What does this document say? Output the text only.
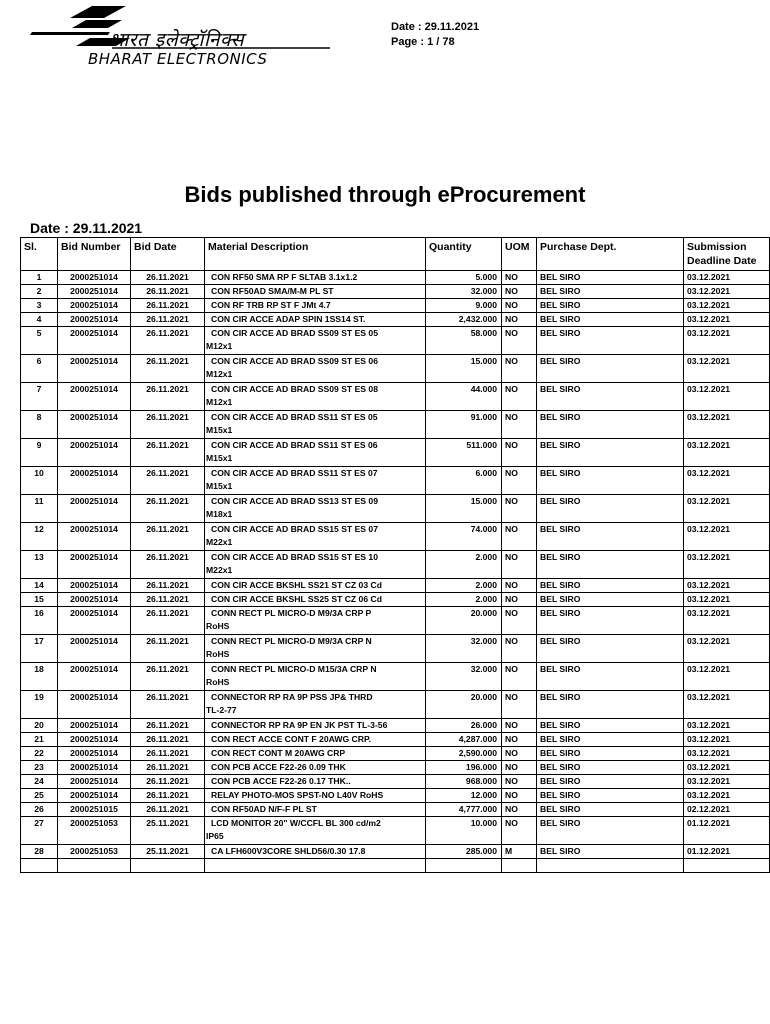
भारत इलेक्ट्रॉनिक्स
BHARAT ELECTRONICS
Date : 29.11.2021
Page : 1 / 78
Bids published through eProcurement
Date : 29.11.2021
Sl.	Bid Number	Bid Date	Material Description	Quantity	UOM	Purchase Dept.	Submission Deadline Date
1	2000251014	26.11.2021	CON RF50 SMA RP F SLTAB 3.1x1.2	5.000	NO	BEL SIRO	03.12.2021
2	2000251014	26.11.2021	CON RF50AD SMA/M-M PL ST	32.000	NO	BEL SIRO	03.12.2021
3	2000251014	26.11.2021	CON RF TRB RP ST F JMt 4.7	9.000	NO	BEL SIRO	03.12.2021
4	2000251014	26.11.2021	CON CIR ACCE ADAP SPIN 1SS14 ST.	2,432.000	NO	BEL SIRO	03.12.2021
5	2000251014	26.11.2021	CON CIR ACCE AD BRAD SS09 ST ES 05
M12x1	58.000	NO	BEL SIRO	03.12.2021
6	2000251014	26.11.2021	CON CIR ACCE AD BRAD SS09 ST ES 06
M12x1	15.000	NO	BEL SIRO	03.12.2021
7	2000251014	26.11.2021	CON CIR ACCE AD BRAD SS09 ST ES 08
M12x1	44.000	NO	BEL SIRO	03.12.2021
8	2000251014	26.11.2021	CON CIR ACCE AD BRAD SS11 ST ES 05
M15x1	91.000	NO	BEL SIRO	03.12.2021
9	2000251014	26.11.2021	CON CIR ACCE AD BRAD SS11 ST ES 06
M15x1	511.000	NO	BEL SIRO	03.12.2021
10	2000251014	26.11.2021	CON CIR ACCE AD BRAD SS11 ST ES 07
M15x1	6.000	NO	BEL SIRO	03.12.2021
11	2000251014	26.11.2021	CON CIR ACCE AD BRAD SS13 ST ES 09
M18x1	15.000	NO	BEL SIRO	03.12.2021
12	2000251014	26.11.2021	CON CIR ACCE AD BRAD SS15 ST ES 07
M22x1	74.000	NO	BEL SIRO	03.12.2021
13	2000251014	26.11.2021	CON CIR ACCE AD BRAD SS15 ST ES 10
M22x1	2.000	NO	BEL SIRO	03.12.2021
14	2000251014	26.11.2021	CON CIR ACCE BKSHL SS21 ST CZ 03 Cd	2.000	NO	BEL SIRO	03.12.2021
15	2000251014	26.11.2021	CON CIR ACCE BKSHL SS25 ST CZ 06 Cd	2.000	NO	BEL SIRO	03.12.2021
16	2000251014	26.11.2021	CONN RECT PL MICRO-D M9/3A CRP P
RoHS	20.000	NO	BEL SIRO	03.12.2021
17	2000251014	26.11.2021	CONN RECT PL MICRO-D M9/3A CRP N
RoHS	32.000	NO	BEL SIRO	03.12.2021
18	2000251014	26.11.2021	CONN RECT PL MICRO-D M15/3A CRP N
RoHS	32.000	NO	BEL SIRO	03.12.2021
19	2000251014	26.11.2021	CONNECTOR RP RA 9P PSS JP& THRD
TL-2-77	20.000	NO	BEL SIRO	03.12.2021
20	2000251014	26.11.2021	CONNECTOR RP RA 9P EN JK PST TL-3-56	26.000	NO	BEL SIRO	03.12.2021
21	2000251014	26.11.2021	CON RECT ACCE CONT F 20AWG CRP.	4,287.000	NO	BEL SIRO	03.12.2021
22	2000251014	26.11.2021	CON RECT CONT M 20AWG CRP	2,590.000	NO	BEL SIRO	03.12.2021
23	2000251014	26.11.2021	CON PCB ACCE F22-26 0.09 THK	196.000	NO	BEL SIRO	03.12.2021
24	2000251014	26.11.2021	CON PCB ACCE F22-26 0.17 THK..	968.000	NO	BEL SIRO	03.12.2021
25	2000251014	26.11.2021	RELAY PHOTO-MOS SPST-NO L40V RoHS	12.000	NO	BEL SIRO	03.12.2021
26	2000251015	26.11.2021	CON RF50AD N/F-F PL ST	4,777.000	NO	BEL SIRO	02.12.2021
27	2000251053	25.11.2021	LCD MONITOR 20" W/CCFL BL 300 cd/m2
IP65	10.000	NO	BEL SIRO	01.12.2021
28	2000251053	25.11.2021	CA LFH600V3CORE SHLD56/0.30 17.8	285.000	M	BEL SIRO	01.12.2021
